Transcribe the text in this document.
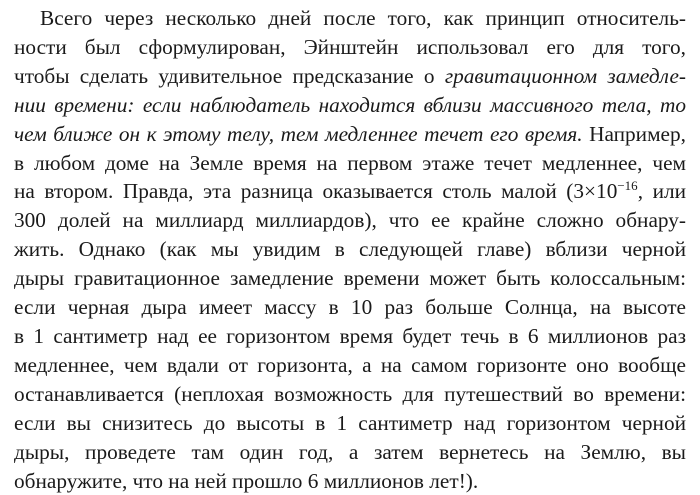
Всего через несколько дней после того, как принцип относитель-
ности был сформулирован, Эйнштейн использовал его для того,
чтобы сделать удивительное предсказание о гравитационном замедле-
нии времени: если наблюдатель находится вблизи массивного тела, то
чем ближе он к этому телу, тем медленнее течет его время. Например,
в любом доме на Земле время на первом этаже течет медленнее, чем
на втором. Правда, эта разница оказывается столь малой ($3\times 10^{-16}$, или
300 долей на миллиард миллиардов), что ее крайне сложно обнару-
жить. Однако (как мы увидим в следующей главе) вблизи черной
дыры гравитационное замедление времени может быть колоссальным:
если черная дыра имеет массу в 10 раз больше Солнца, на высоте
в 1 сантиметр над ее горизонтом время будет течь в 6 миллионов раз
медленнее, чем вдали от горизонта, а на самом горизонте оно вообще
останавливается (неплохая возможность для путешествий во времени:
если вы снизитесь до высоты в 1 сантиметр над горизонтом черной
дыры, проведете там один год, а затем вернетесь на Землю, вы
обнаружите, что на ней прошло 6 миллионов лет!).
